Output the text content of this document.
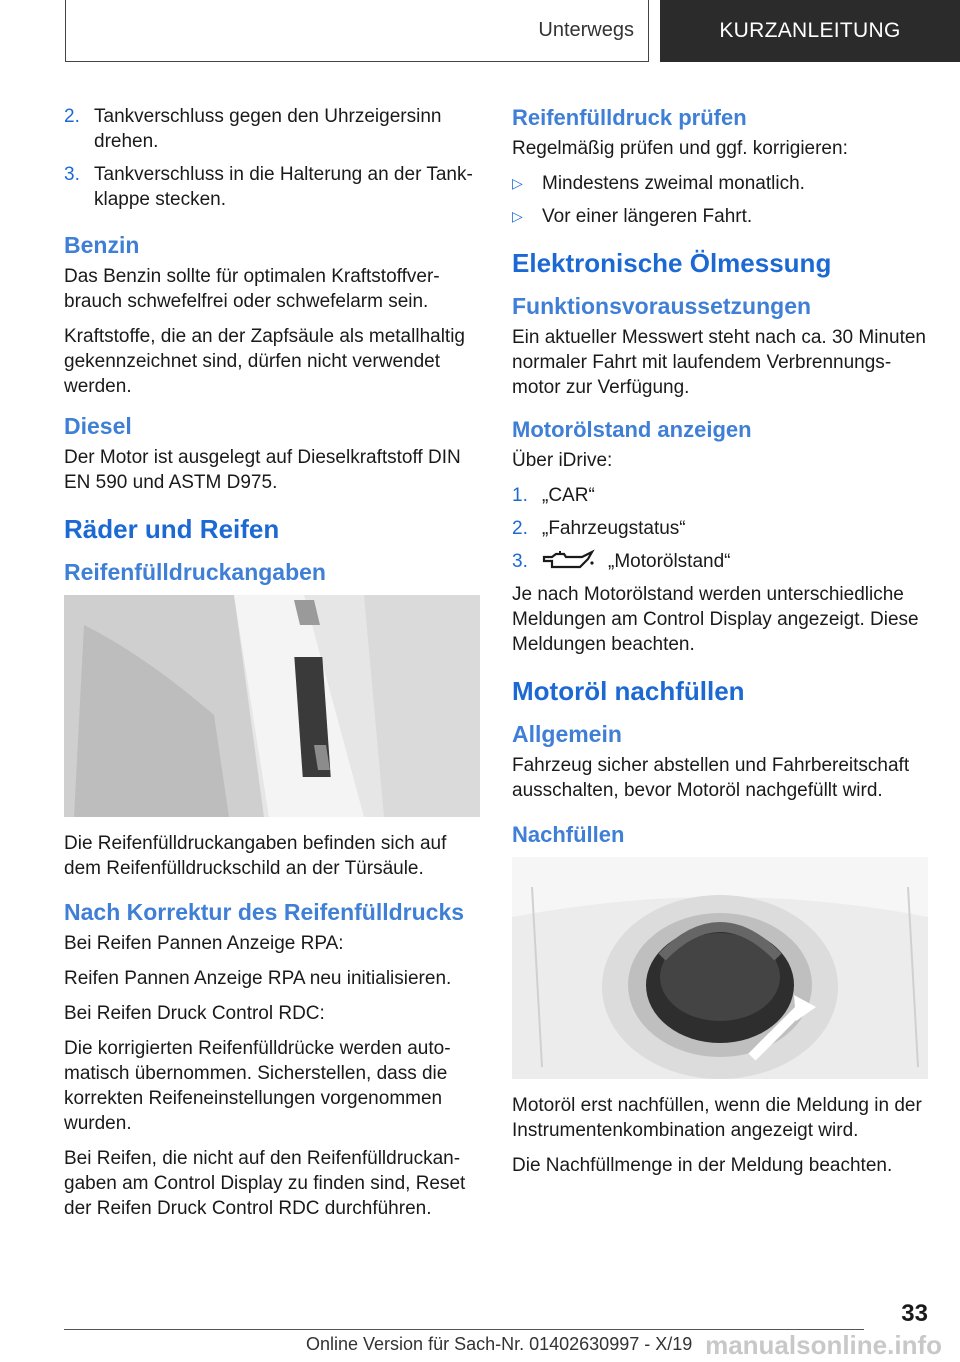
Unterwegs	KURZANLEITUNG
2. Tankverschluss gegen den Uhrzeigersinn drehen.
3. Tankverschluss in die Halterung an der Tankklappe stecken.
Benzin

Das Benzin sollte für optimalen Kraftstoffverbrauch schwefelfrei oder schwefelarm sein.

Kraftstoffe, die an der Zapfsäule als metallhaltig gekennzeichnet sind, dürfen nicht verwendet werden.

Diesel

Der Motor ist ausgelegt auf Dieselkraftstoff DIN EN 590 und ASTM D975.

Räder und Reifen
Reifenfülldruckangaben

Die Reifenfülldruckangaben befinden sich auf dem Reifenfülldruckschild an der Türsäule.

Nach Korrektur des Reifenfülldrucks

Bei Reifen Pannen Anzeige RPA:

Reifen Pannen Anzeige RPA neu initialisieren.

Bei Reifen Druck Control RDC:

Die korrigierten Reifenfülldrücke werden automatisch übernommen. Sicherstellen, dass die korrekten Reifeneinstellungen vorgenommen wurden.

Bei Reifen, die nicht auf den Reifenfülldruckangaben am Control Display zu finden sind, Reset der Reifen Druck Control RDC durchführen.

Reifenfülldruck prüfen

Regelmäßig prüfen und ggf. korrigieren:

▷	Mindestens zweimal monatlich.
▷	Vor einer längeren Fahrt.
Elektronische Ölmessung
Funktionsvoraussetzungen

Ein aktueller Messwert steht nach ca. 30 Minuten normaler Fahrt mit laufendem Verbrennungsmotor zur Verfügung.

Motorölstand anzeigen

Über iDrive:

1. „CAR“
2. „Fahrzeugstatus“
3.	„Motorölstand“

Je nach Motorölstand werden unterschiedliche Meldungen am Control Display angezeigt. Diese Meldungen beachten.

Motoröl nachfüllen
Allgemein

Fahrzeug sicher abstellen und Fahrbereitschaft ausschalten, bevor Motoröl nachgefüllt wird.

Nachfüllen

Motoröl erst nachfüllen, wenn die Meldung in der Instrumentenkombination angezeigt wird.

Die Nachfüllmenge in der Meldung beachten.

33
Online Version für Sach-Nr. 01402630997 - X/19 manualsonline.info
